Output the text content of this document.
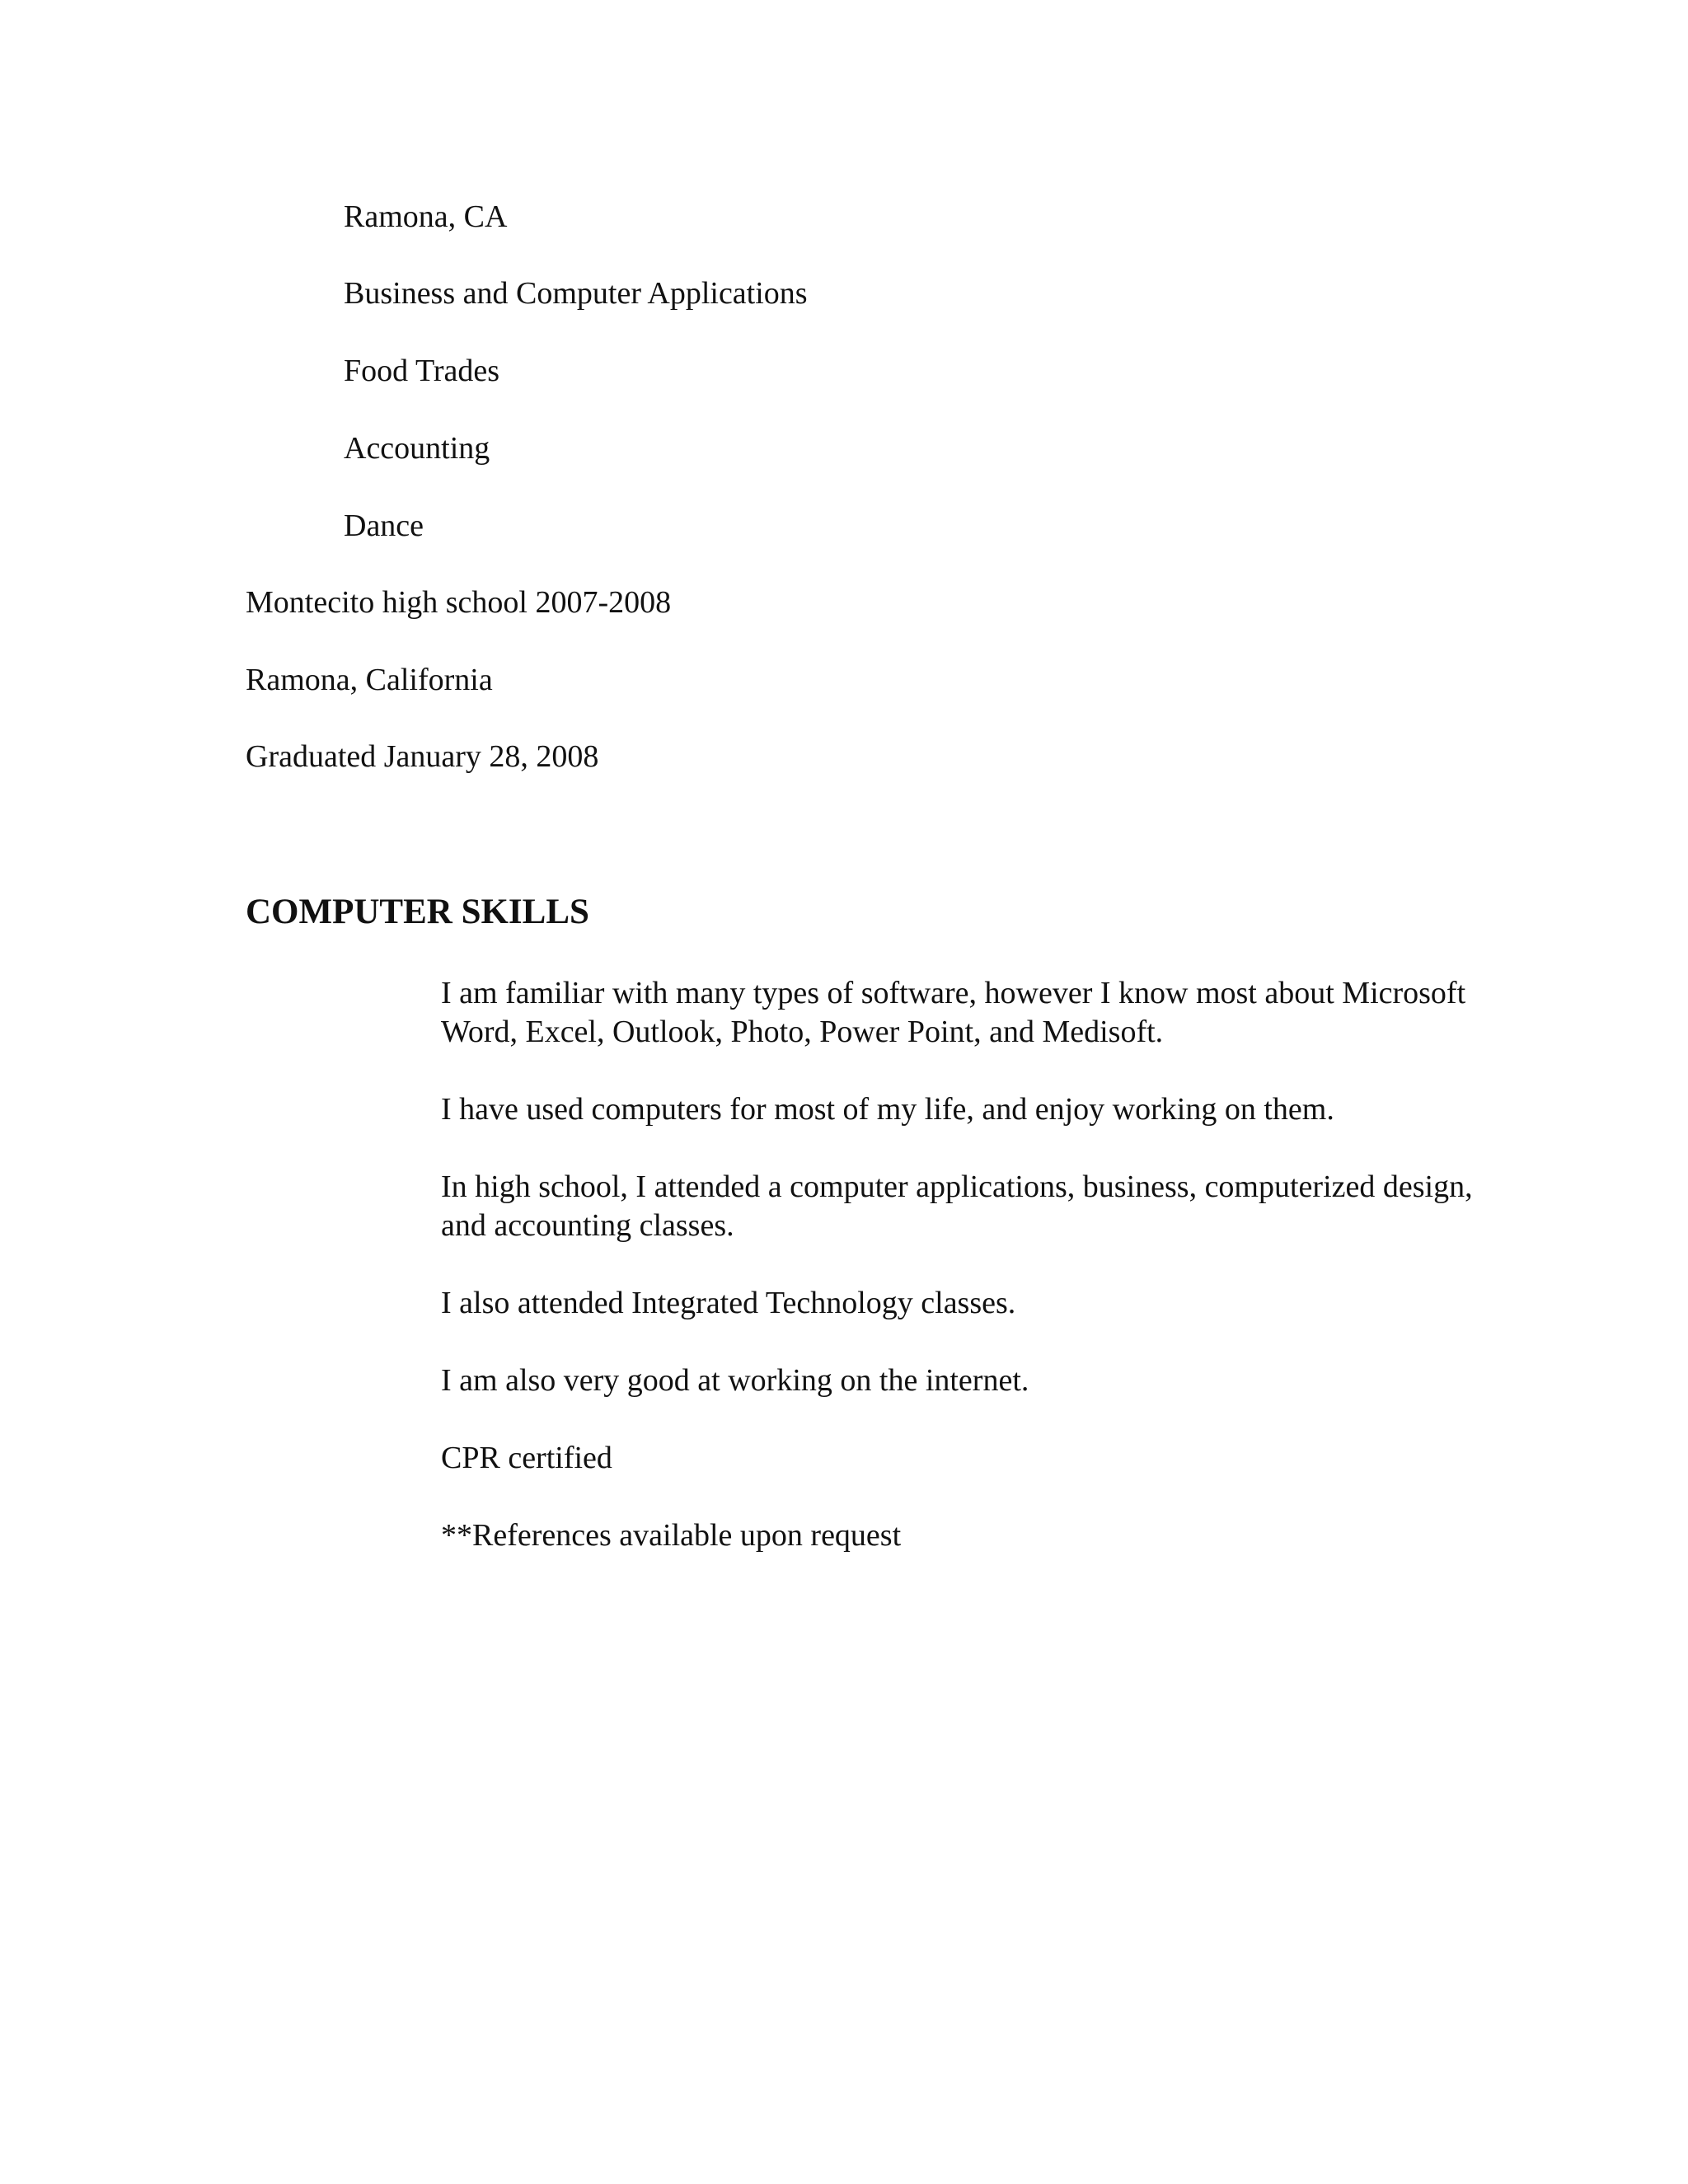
Ramona, CA

Business and Computer Applications

Food Trades

Accounting

Dance

Montecito high school 2007-2008

Ramona, California

Graduated January 28, 2008

COMPUTER SKILLS

I am familiar with many types of software, however I know most about Microsoft Word, Excel, Outlook, Photo, Power Point, and Medisoft.

I have used computers for most of my life, and enjoy working on them.

In high school, I attended a computer applications, business, computerized design, and accounting classes.

I also attended Integrated Technology classes.

I am also very good at working on the internet.

CPR certified

**References available upon request
